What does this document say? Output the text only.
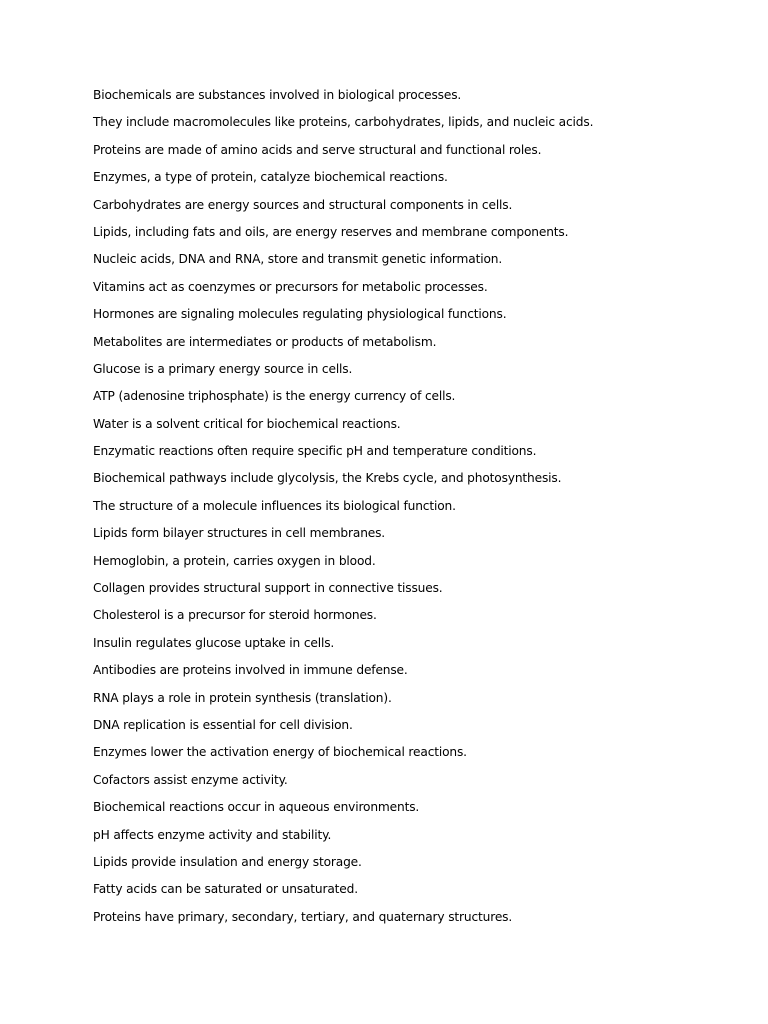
Biochemicals are substances involved in biological processes.
They include macromolecules like proteins, carbohydrates, lipids, and nucleic acids.
Proteins are made of amino acids and serve structural and functional roles.
Enzymes, a type of protein, catalyze biochemical reactions.
Carbohydrates are energy sources and structural components in cells.
Lipids, including fats and oils, are energy reserves and membrane components.
Nucleic acids, DNA and RNA, store and transmit genetic information.
Vitamins act as coenzymes or precursors for metabolic processes.
Hormones are signaling molecules regulating physiological functions.
Metabolites are intermediates or products of metabolism.
Glucose is a primary energy source in cells.
ATP (adenosine triphosphate) is the energy currency of cells.
Water is a solvent critical for biochemical reactions.
Enzymatic reactions often require specific pH and temperature conditions.
Biochemical pathways include glycolysis, the Krebs cycle, and photosynthesis.
The structure of a molecule influences its biological function.
Lipids form bilayer structures in cell membranes.
Hemoglobin, a protein, carries oxygen in blood.
Collagen provides structural support in connective tissues.
Cholesterol is a precursor for steroid hormones.
Insulin regulates glucose uptake in cells.
Antibodies are proteins involved in immune defense.
RNA plays a role in protein synthesis (translation).
DNA replication is essential for cell division.
Enzymes lower the activation energy of biochemical reactions.
Cofactors assist enzyme activity.
Biochemical reactions occur in aqueous environments.
pH affects enzyme activity and stability.
Lipids provide insulation and energy storage.
Fatty acids can be saturated or unsaturated.
Proteins have primary, secondary, tertiary, and quaternary structures.
